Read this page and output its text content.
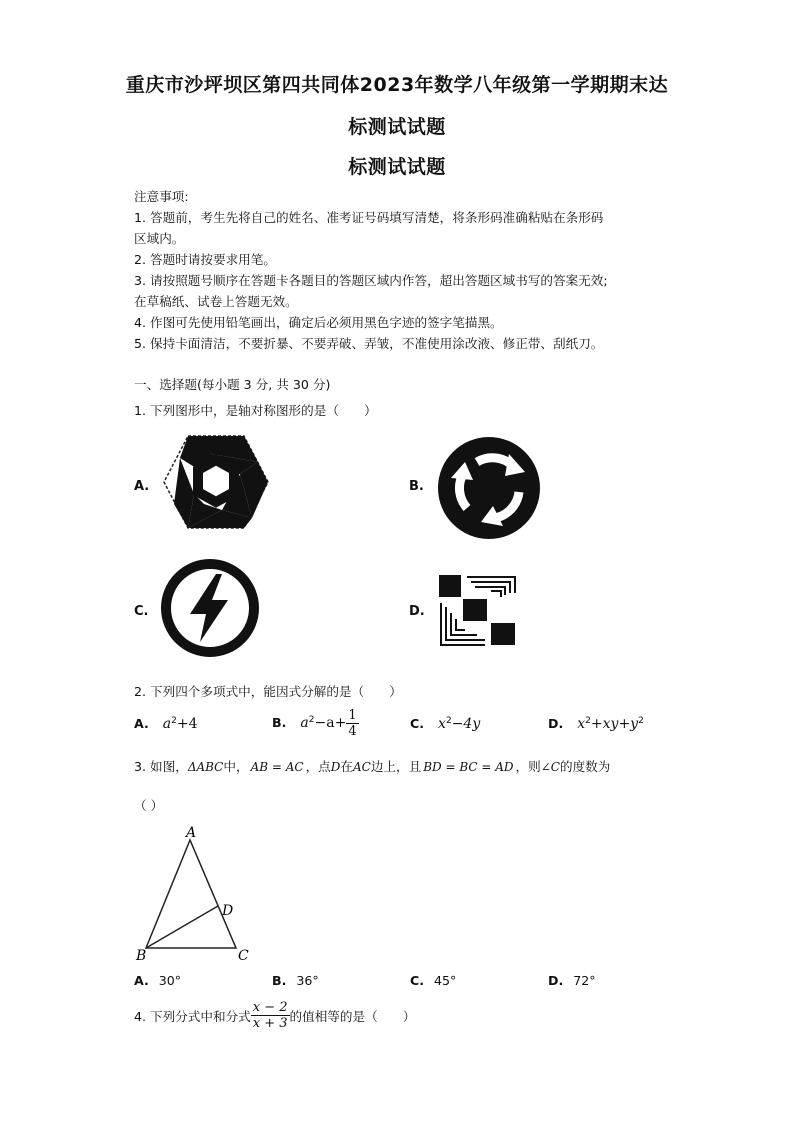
重庆市沙坪坝区第四共同体2023年数学八年级第一学期期末达
标测试试题
标测试试题
注意事项:
1. 答题前，考生先将自己的姓名、准考证号码填写清楚，将条形码准确粘贴在条形码
区域内。
2. 答题时请按要求用笔。
3. 请按照题号顺序在答题卡各题目的答题区域内作答，超出答题区域书写的答案无效;
在草稿纸、试卷上答题无效。
4. 作图可先使用铅笔画出，确定后必须用黑色字迹的签字笔描黑。
5. 保持卡面清洁，不要折暴、不要弄破、弄皱，不准使用涂改液、修正带、刮纸刀。
一、选择题(每小题 3 分, 共 30 分)
1. 下列图形中，是轴对称图形的是（　　）
A.	B.
C.	D.
2. 下列四个多项式中，能因式分解的是（　　）
A. $a^2+4$	B. $a^2-a+ \frac{1}{4}$	C. $x^2-4y$	D. $x^2+xy+y^2$
3. 如图，ΔABC中， AB = AC ，点D在AC边上，且 BD = BC = AD ，则∠C的度数为
（ ）
A
B	C
D
A. 30°	B. 36°	C. 45°	D. 72°
4. 下列分式中和分式 $\frac{x - 2}{x + 3}$ 的值相等的是（　　）
